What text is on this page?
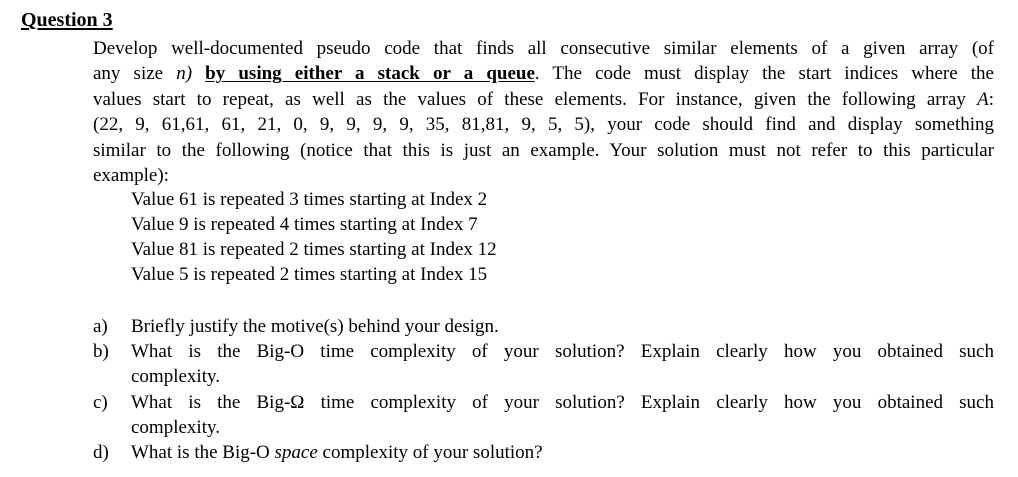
Question 3
Develop well-documented pseudo code that finds all consecutive similar elements of a given array (of
any size n) by using either a stack or a queue. The code must display the start indices where the
values start to repeat, as well as the values of these elements. For instance, given the following array A:
(22, 9, 61,61, 61, 21, 0, 9, 9, 9, 9, 35, 81,81, 9, 5, 5), your code should find and display something
similar to the following (notice that this is just an example. Your solution must not refer to this particular
example):
Value 61 is repeated 3 times starting at Index 2
Value 9 is repeated 4 times starting at Index 7
Value 81 is repeated 2 times starting at Index 12
Value 5 is repeated 2 times starting at Index 15
a) Briefly justify the motive(s) behind your design.
b) What is the Big-O time complexity of your solution? Explain clearly how you obtained such
complexity.
c) What is the Big-Ω time complexity of your solution? Explain clearly how you obtained such
complexity.
d) What is the Big-O space complexity of your solution?
